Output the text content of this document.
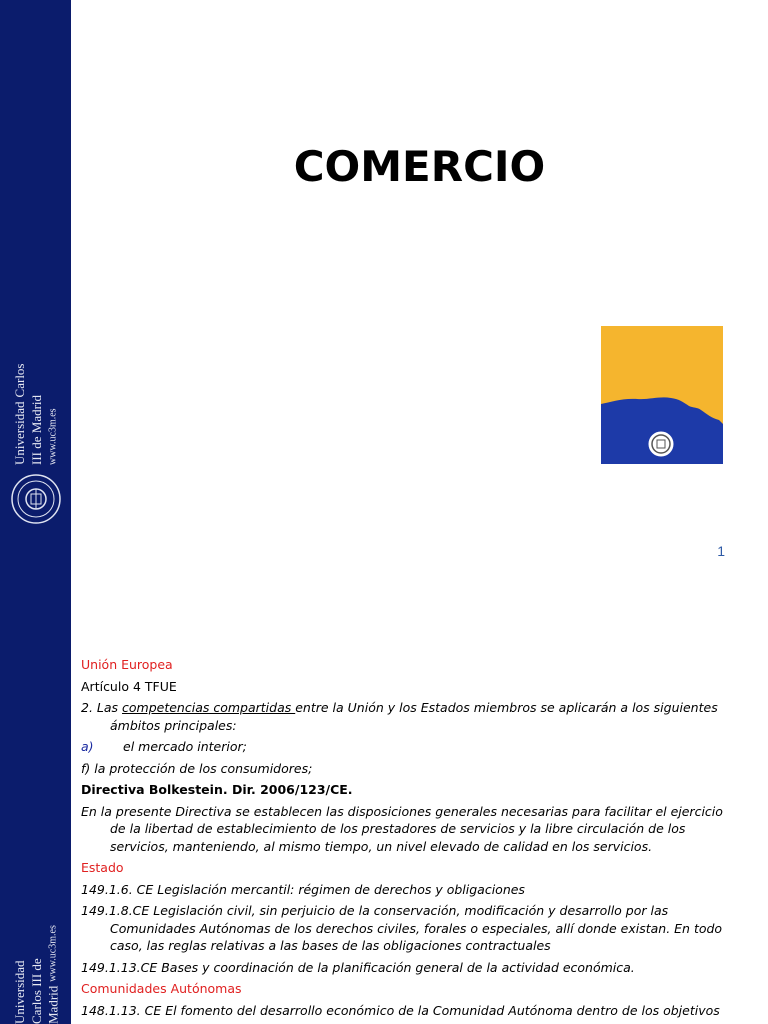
Universidad Carlos III de Madrid www.uc3m.es
COMERCIO
1
Universidad Carlos III de Madrid www.uc3m.es

Unión Europea

Artículo 4 TFUE

2. Las competencias compartidas entre la Unión y los Estados miembros se aplicarán a los siguientes ámbitos principales:

a)	el mercado interior;

f) la protección de los consumidores;

Directiva Bolkestein. Dir. 2006/123/CE.

En la presente Directiva se establecen las disposiciones generales necesarias para facilitar el ejercicio de la libertad de establecimiento de los prestadores de servicios y la libre circulación de los servicios, manteniendo, al mismo tiempo, un nivel elevado de calidad en los servicios.

Estado

149.1.6. CE Legislación mercantil: régimen de derechos y obligaciones

149.1.8.CE Legislación civil, sin perjuicio de la conservación, modificación y desarrollo por las Comunidades Autónomas de los derechos civiles, forales o especiales, allí donde existan. En todo caso, las reglas relativas a las bases de las obligaciones contractuales

149.1.13.CE Bases y coordinación de la planificación general de la actividad económica.

Comunidades Autónomas

148.1.13. CE El fomento del desarrollo económico de la Comunidad Autónoma dentro de los objetivos
